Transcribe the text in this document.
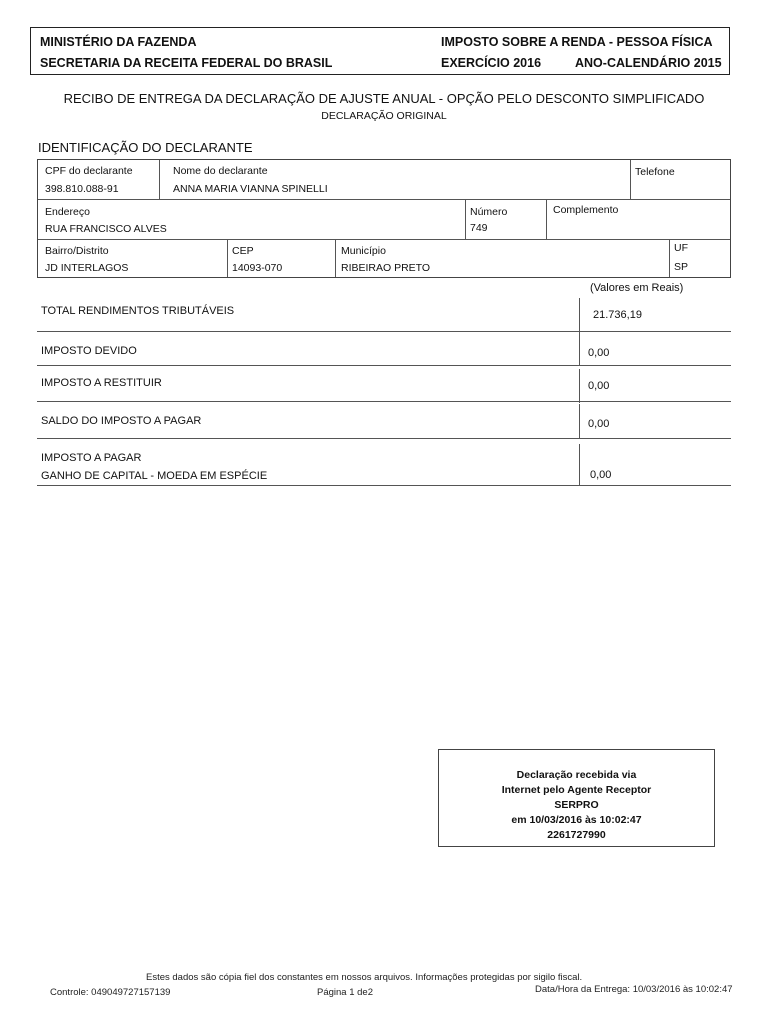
MINISTÉRIO DA FAZENDA
SECRETARIA DA RECEITA FEDERAL DO BRASIL
IMPOSTO SOBRE A RENDA - PESSOA FÍSICA
EXERCÍCIO 2016	ANO-CALENDÁRIO 2015
RECIBO DE ENTREGA DA DECLARAÇÃO DE AJUSTE ANUAL - OPÇÃO PELO DESCONTO SIMPLIFICADO
DECLARAÇÃO ORIGINAL
IDENTIFICAÇÃO DO DECLARANTE
CPF do declarante
398.810.088-91
Nome do declarante
ANNA MARIA VIANNA SPINELLI
Telefone
Endereço
RUA FRANCISCO ALVES
Número
749
Complemento
Bairro/Distrito
JD INTERLAGOS
CEP
14093-070
Município
RIBEIRAO PRETO
UF
SP
(Valores em Reais)
TOTAL RENDIMENTOS TRIBUTÁVEIS	21.736,19
IMPOSTO DEVIDO	0,00
IMPOSTO A RESTITUIR	0,00
SALDO DO IMPOSTO A PAGAR	0,00
IMPOSTO A PAGAR
GANHO DE CAPITAL - MOEDA EM ESPÉCIE	0,00
Declaração recebida via
Internet pelo Agente Receptor
SERPRO
em 10/03/2016 às 10:02:47
2261727990
Estes dados são cópia fiel dos constantes em nossos arquivos. Informações protegidas por sigilo fiscal.
Controle: 049049727157139	Página 1 de2	Data/Hora da Entrega: 10/03/2016 às 10:02:47
